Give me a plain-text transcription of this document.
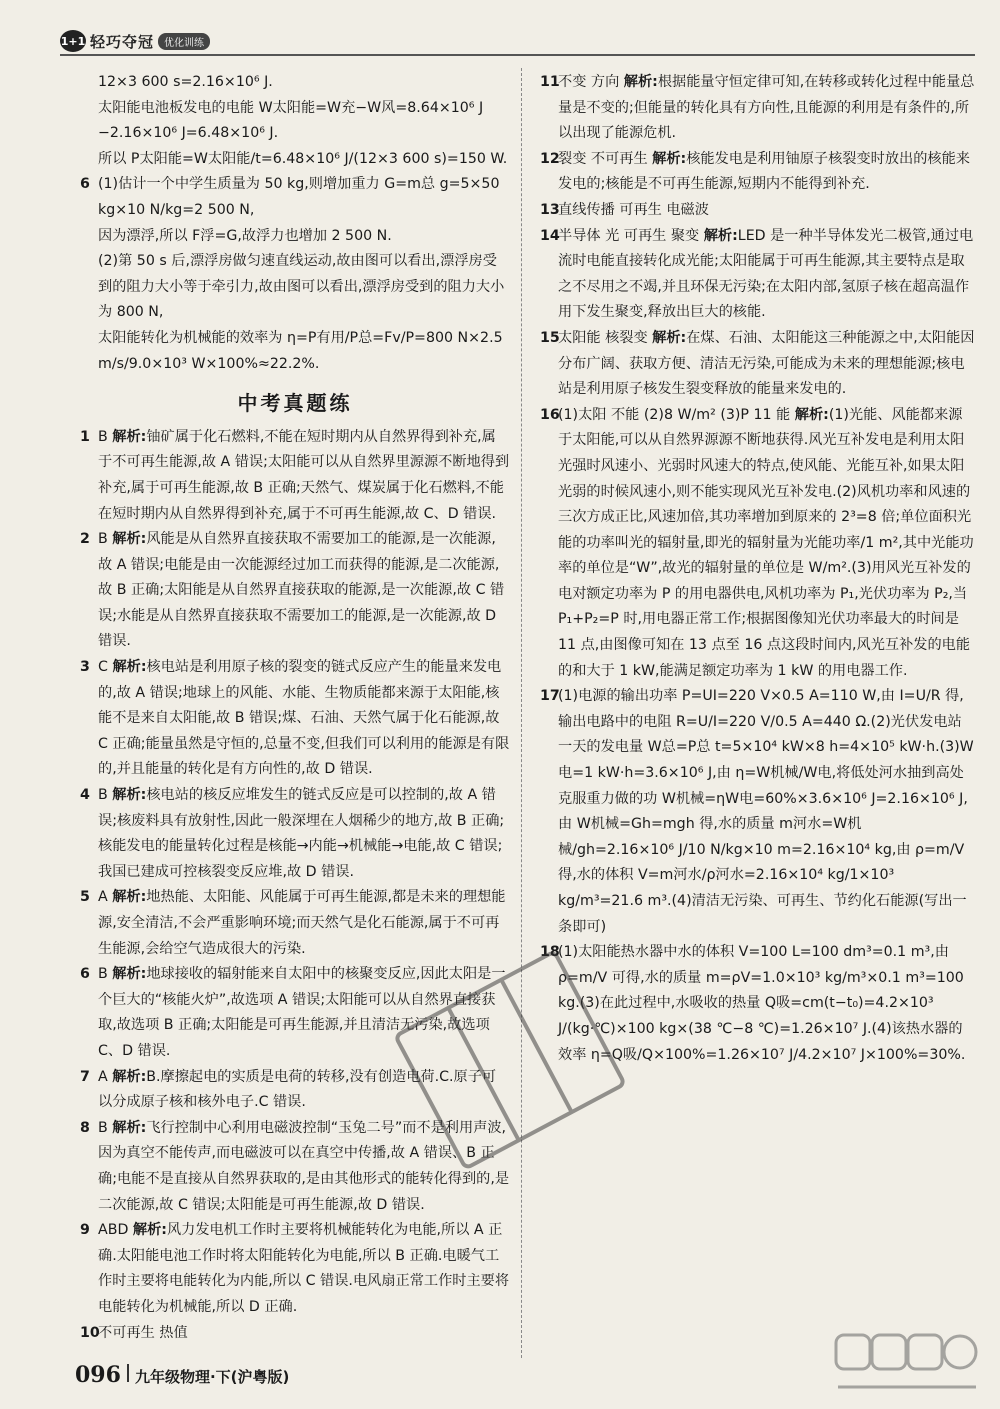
1+1 轻巧夺冠	优化训练
12×3 600 s=2.16×10⁶ J.
太阳能电池板发电的电能 W太阳能=W充−W风=8.64×10⁶ J −2.16×10⁶ J=6.48×10⁶ J.
所以 P太阳能=W太阳能/t=6.48×10⁶ J/(12×3 600 s)=150 W.
6 (1)估计一个中学生质量为 50 kg,则增加重力 G=m总 g=5×50 kg×10 N/kg=2 500 N,
因为漂浮,所以 F浮=G,故浮力也增加 2 500 N.
(2)第 50 s 后,漂浮房做匀速直线运动,故由图可以看出,漂浮房受到的阻力大小等于牵引力,故由图可以看出,漂浮房受到的阻力大小为 800 N,
太阳能转化为机械能的效率为 η=P有用/P总=Fv/P=800 N×2.5 m/s/9.0×10³ W×100%≈22.2%.
中考真题练
1 B 解析:铀矿属于化石燃料,不能在短时期内从自然界得到补充,属于不可再生能源,故 A 错误;太阳能可以从自然界里源源不断地得到补充,属于可再生能源,故 B 正确;天然气、煤炭属于化石燃料,不能在短时期内从自然界得到补充,属于不可再生能源,故 C、D 错误.
2 B 解析:风能是从自然界直接获取不需要加工的能源,是一次能源,故 A 错误;电能是由一次能源经过加工而获得的能源,是二次能源,故 B 正确;太阳能是从自然界直接获取的能源,是一次能源,故 C 错误;水能是从自然界直接获取不需要加工的能源,是一次能源,故 D 错误.
3 C 解析:核电站是利用原子核的裂变的链式反应产生的能量来发电的,故 A 错误;地球上的风能、水能、生物质能都来源于太阳能,核能不是来自太阳能,故 B 错误;煤、石油、天然气属于化石能源,故 C 正确;能量虽然是守恒的,总量不变,但我们可以利用的能源是有限的,并且能量的转化是有方向性的,故 D 错误.
4 B 解析:核电站的核反应堆发生的链式反应是可以控制的,故 A 错误;核废料具有放射性,因此一般深埋在人烟稀少的地方,故 B 正确;核能发电的能量转化过程是核能→内能→机械能→电能,故 C 错误;我国已建成可控核裂变反应堆,故 D 错误.
5 A 解析:地热能、太阳能、风能属于可再生能源,都是未来的理想能源,安全清洁,不会严重影响环境;而天然气是化石能源,属于不可再生能源,会给空气造成很大的污染.
6 B 解析:地球接收的辐射能来自太阳中的核聚变反应,因此太阳是一个巨大的“核能火炉”,故选项 A 错误;太阳能可以从自然界直接获取,故选项 B 正确;太阳能是可再生能源,并且清洁无污染,故选项 C、D 错误.
7 A 解析:B.摩擦起电的实质是电荷的转移,没有创造电荷.C.原子可以分成原子核和核外电子.C 错误.
8 B 解析:飞行控制中心利用电磁波控制“玉兔二号”而不是利用声波,因为真空不能传声,而电磁波可以在真空中传播,故 A 错误、B 正确;电能不是直接从自然界获取的,是由其他形式的能转化得到的,是二次能源,故 C 错误;太阳能是可再生能源,故 D 错误.
9 ABD 解析:风力发电机工作时主要将机械能转化为电能,所以 A 正确.太阳能电池工作时将太阳能转化为电能,所以 B 正确.电暖气工作时主要将电能转化为内能,所以 C 错误.电风扇正常工作时主要将电能转化为机械能,所以 D 正确.
10
不可再生 热值
11
不变 方向 解析:根据能量守恒定律可知,在转移或转化过程中能量总量是不变的;但能量的转化具有方向性,且能源的利用是有条件的,所以出现了能源危机.
12
裂变 不可再生 解析:核能发电是利用铀原子核裂变时放出的核能来发电的;核能是不可再生能源,短期内不能得到补充.
13
直线传播 可再生 电磁波
14
半导体 光 可再生 聚变 解析:LED 是一种半导体发光二极管,通过电流时电能直接转化成光能;太阳能属于可再生能源,其主要特点是取之不尽用之不竭,并且环保无污染;在太阳内部,氢原子核在超高温作用下发生聚变,释放出巨大的核能.
15
太阳能 核裂变 解析:在煤、石油、太阳能这三种能源之中,太阳能因分布广阔、获取方便、清洁无污染,可能成为未来的理想能源;核电站是利用原子核发生裂变释放的能量来发电的.
16
(1)太阳 不能 (2)8 W/m² (3)P 11 能 解析:(1)光能、风能都来源于太阳能,可以从自然界源源不断地获得.风光互补发电是利用太阳光强时风速小、光弱时风速大的特点,使风能、光能互补,如果太阳光弱的时候风速小,则不能实现风光互补发电.(2)风机功率和风速的三次方成正比,风速加倍,其功率增加到原来的 2³=8 倍;单位面积光能的功率叫光的辐射量,即光的辐射量为光能功率/1 m²,其中光能功率的单位是“W”,故光的辐射量的单位是 W/m².(3)用风光互补发的电对额定功率为 P 的用电器供电,风机功率为 P₁,光伏功率为 P₂,当 P₁+P₂=P 时,用电器正常工作;根据图像知光伏功率最大的时间是 11 点,由图像可知在 13 点至 16 点这段时间内,风光互补发的电能的和大于 1 kW,能满足额定功率为 1 kW 的用电器工作.
17
(1)电源的输出功率 P=UI=220 V×0.5 A=110 W,由 I=U/R 得,输出电路中的电阻 R=U/I=220 V/0.5 A=440 Ω.(2)光伏发电站一天的发电量 W总=P总 t=5×10⁴ kW×8 h=4×10⁵ kW·h.(3)W电=1 kW·h=3.6×10⁶ J,由 η=W机械/W电,将低处河水抽到高处克服重力做的功 W机械=ηW电=60%×3.6×10⁶ J=2.16×10⁶ J,由 W机械=Gh=mgh 得,水的质量 m河水=W机械/gh=2.16×10⁶ J/10 N/kg×10 m=2.16×10⁴ kg,由 ρ=m/V 得,水的体积 V=m河水/ρ河水=2.16×10⁴ kg/1×10³ kg/m³=21.6 m³.(4)清洁无污染、可再生、节约化石能源(写出一条即可)
18
(1)太阳能热水器中水的体积 V=100 L=100 dm³=0.1 m³,由 ρ=m/V 可得,水的质量 m=ρV=1.0×10³ kg/m³×0.1 m³=100 kg.(3)在此过程中,水吸收的热量 Q吸=cm(t−t₀)=4.2×10³ J/(kg·℃)×100 kg×(38 ℃−8 ℃)=1.26×10⁷ J.(4)该热水器的效率 η=Q吸/Q×100%=1.26×10⁷ J/4.2×10⁷ J×100%=30%.
096 九年级物理·下(沪粤版)
